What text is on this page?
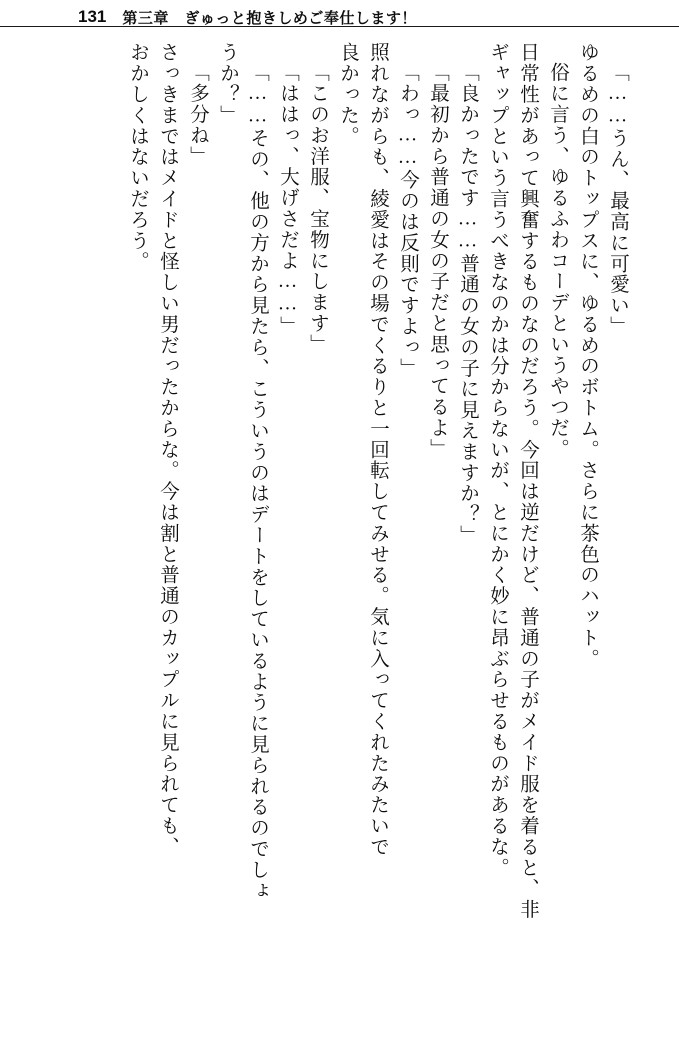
131 第三章　ぎゅっと抱きしめご奉仕します！
「……うん、最高に可愛い」
ゆるめの白のトップスに、ゆるめのボトム。さらに茶色のハット。
俗に言う、ゆるふわコーデというやつだ。
日常性があって興奮するものなのだろう。今回は逆だけど、普通の子がメイド服を着ると、非
ギャップという言うべきなのかは分からないが、とにかく妙に昂ぶらせるものがあるな。
「良かったです……普通の女の子に見えますか？」
「最初から普通の女の子だと思ってるよ」
「わっ……今のは反則ですよっ」
照れながらも、綾愛はその場でくるりと一回転してみせる。気に入ってくれたみたいで
良かった。
「このお洋服、宝物にします」
「ははっ、大げさだよ……」
「……その、他の方から見たら、こういうのはデートをしているように見られるのでしょ
うか？」
「多分ね」
さっきまではメイドと怪しい男だったからな。今は割と普通のカップルに見られても、
おかしくはないだろう。
